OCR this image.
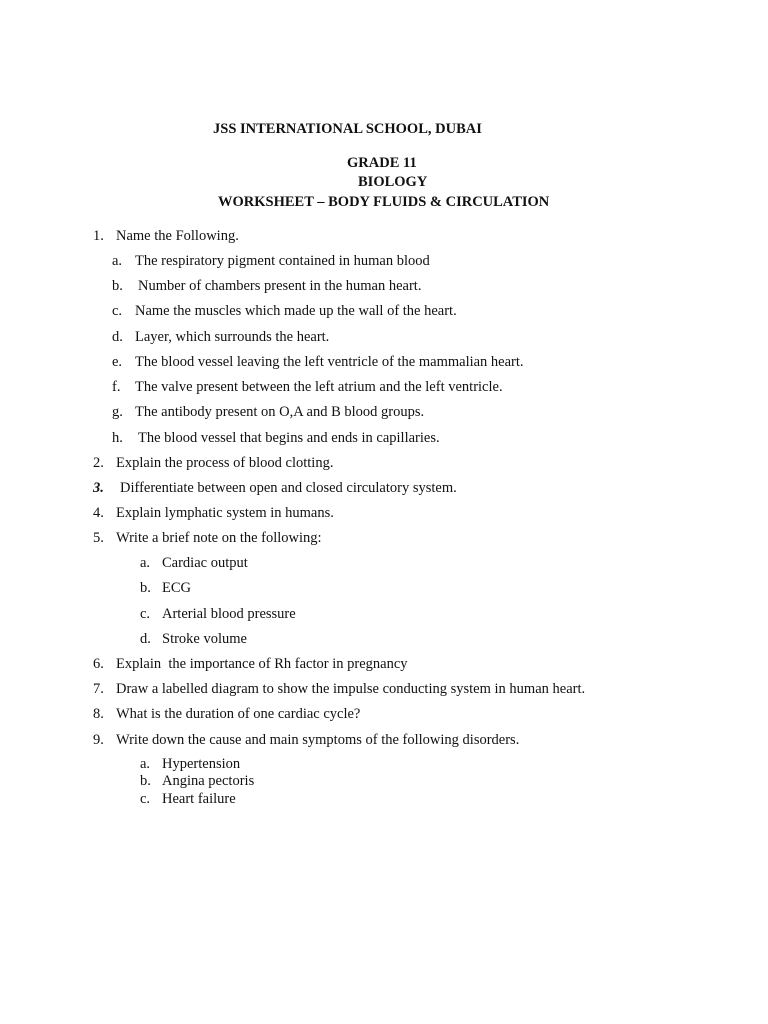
JSS INTERNATIONAL SCHOOL, DUBAI
GRADE 11
BIOLOGY
WORKSHEET – BODY FLUIDS & CIRCULATION
1. Name the Following.
a. The respiratory pigment contained in human blood
b. Number of chambers present in the human heart.
c. Name the muscles which made up the wall of the heart.
d. Layer, which surrounds the heart.
e. The blood vessel leaving the left ventricle of the mammalian heart.
f. The valve present between the left atrium and the left ventricle.
g. The antibody present on O,A and B blood groups.
h. The blood vessel that begins and ends in capillaries.
2. Explain the process of blood clotting.
3. Differentiate between open and closed circulatory system.
4. Explain lymphatic system in humans.
5. Write a brief note on the following:
a. Cardiac output
b. ECG
c. Arterial blood pressure
d. Stroke volume
6. Explain  the importance of Rh factor in pregnancy
7. Draw a labelled diagram to show the impulse conducting system in human heart.
8. What is the duration of one cardiac cycle?
9. Write down the cause and main symptoms of the following disorders.
a. Hypertension
b. Angina pectoris
c. Heart failure
